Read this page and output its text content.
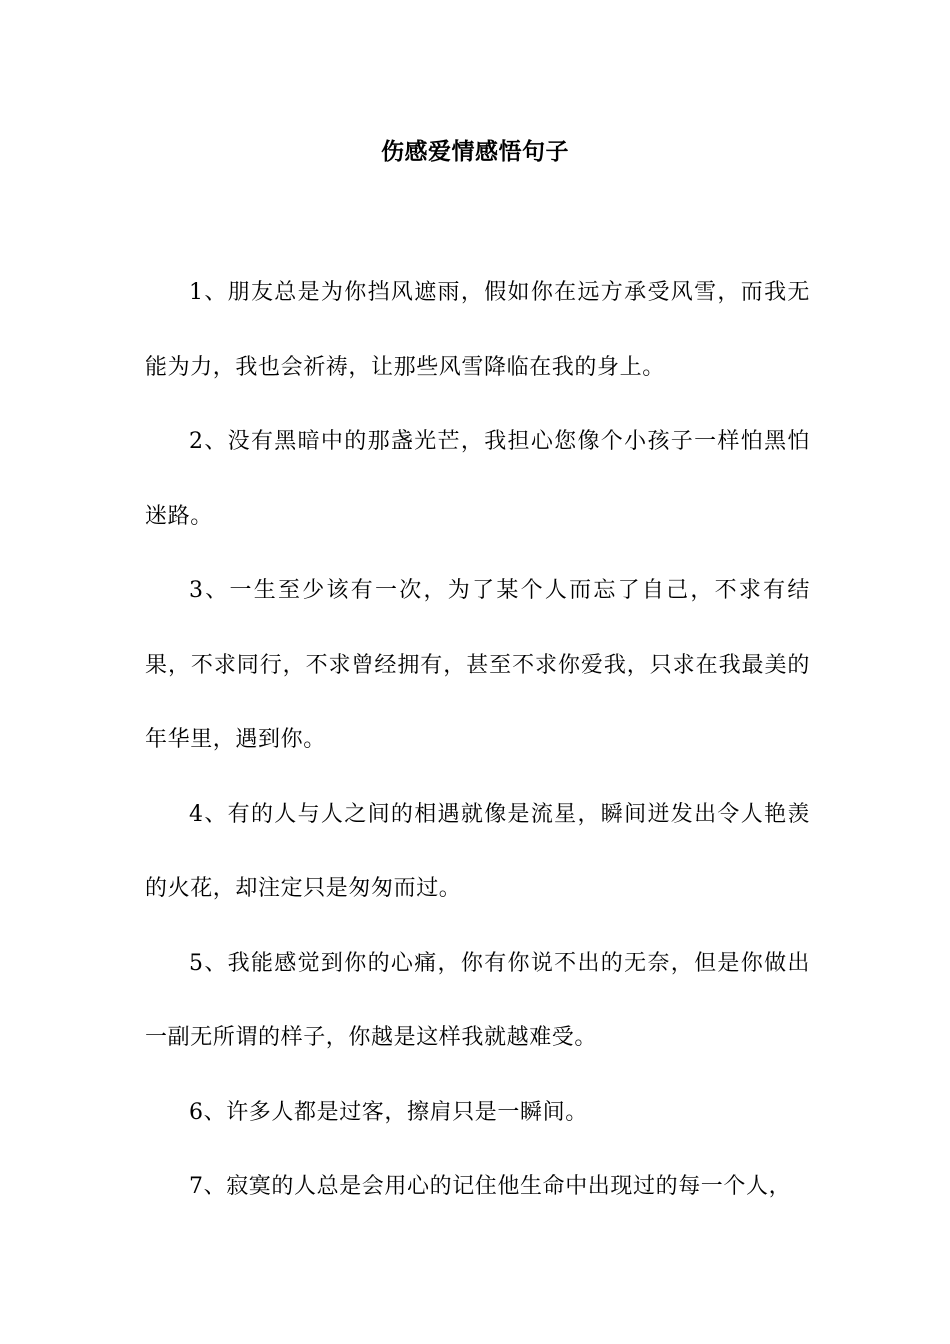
伤感爱情感悟句子

1、朋友总是为你挡风遮雨，假如你在远方承受风雪，而我无能为力，我也会祈祷，让那些风雪降临在我的身上。

2、没有黑暗中的那盏光芒，我担心您像个小孩子一样怕黑怕迷路。

3、一生至少该有一次，为了某个人而忘了自己，不求有结果，不求同行，不求曾经拥有，甚至不求你爱我，只求在我最美的年华里，遇到你。

4、有的人与人之间的相遇就像是流星，瞬间迸发出令人艳羡的火花，却注定只是匆匆而过。

5、我能感觉到你的心痛，你有你说不出的无奈，但是你做出一副无所谓的样子，你越是这样我就越难受。

6、许多人都是过客，擦肩只是一瞬间。

7、寂寞的人总是会用心的记住他生命中出现过的每一个人，
